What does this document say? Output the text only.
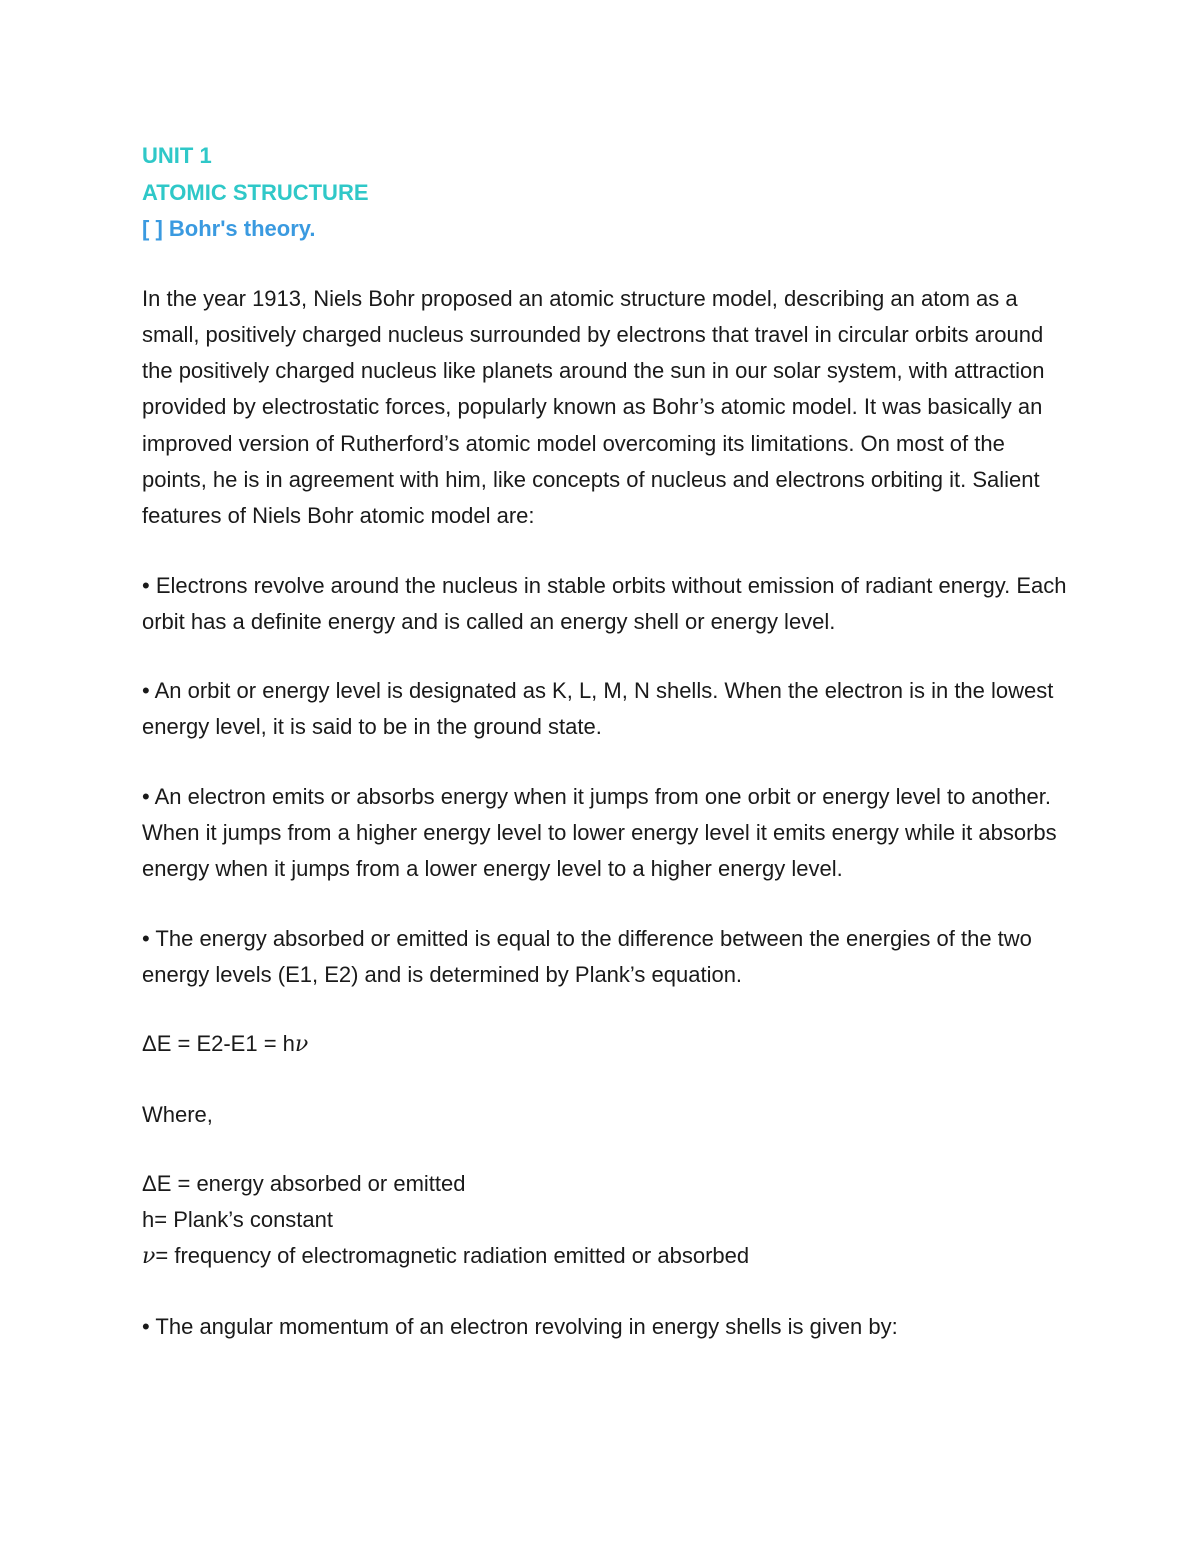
UNIT 1

ATOMIC STRUCTURE

[ ] Bohr's theory.

In the year 1913, Niels Bohr proposed an atomic structure model, describing an atom as a small, positively charged nucleus surrounded by electrons that travel in circular orbits around the positively charged nucleus like planets around the sun in our solar system, with attraction provided by electrostatic forces, popularly known as Bohr’s atomic model. It was basically an improved version of Rutherford’s atomic model overcoming its limitations. On most of the points, he is in agreement with him, like concepts of nucleus and electrons orbiting it. Salient features of Niels Bohr atomic model are:

• Electrons revolve around the nucleus in stable orbits without emission of radiant energy. Each orbit has a definite energy and is called an energy shell or energy level.

• An orbit or energy level is designated as K, L, M, N shells. When the electron is in the lowest energy level, it is said to be in the ground state.

• An electron emits or absorbs energy when it jumps from one orbit or energy level to another. When it jumps from a higher energy level to lower energy level it emits energy while it absorbs energy when it jumps from a lower energy level to a higher energy level.

• The energy absorbed or emitted is equal to the difference between the energies of the two energy levels (E1, E2) and is determined by Plank’s equation.

ΔE = E2-E1 = hν

Where,

ΔE = energy absorbed or emitted

h= Plank’s constant

ν= frequency of electromagnetic radiation emitted or absorbed

• The angular momentum of an electron revolving in energy shells is given by:
